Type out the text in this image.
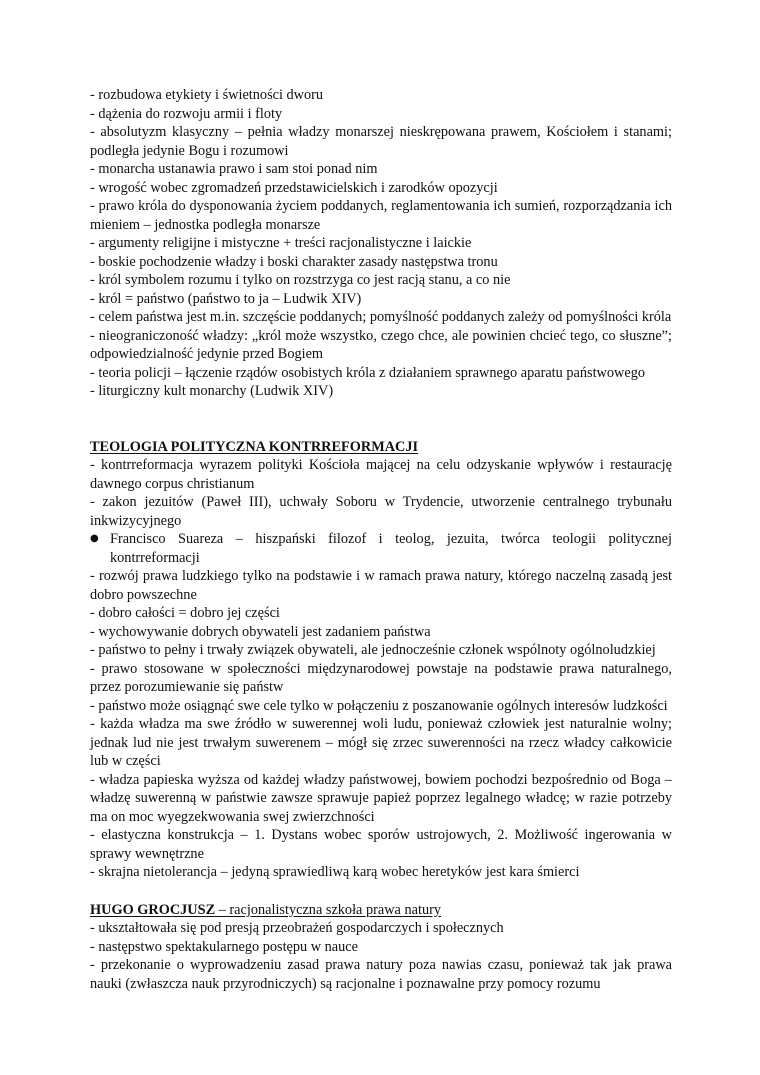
- rozbudowa etykiety i świetności dworu

- dążenia do rozwoju armii i floty

- absolutyzm klasyczny – pełnia władzy monarszej nieskrępowana prawem, Kościołem i stanami; podległa jedynie Bogu i rozumowi

- monarcha ustanawia prawo i sam stoi ponad nim

- wrogość wobec zgromadzeń przedstawicielskich i zarodków opozycji

- prawo króla do dysponowania życiem poddanych, reglamentowania ich sumień, rozporządzania ich mieniem – jednostka podległa monarsze

- argumenty religijne i mistyczne + treści racjonalistyczne i laickie

- boskie pochodzenie władzy i boski charakter zasady następstwa tronu

- król symbolem rozumu i tylko on rozstrzyga co jest racją stanu, a co nie

- król = państwo (państwo to ja – Ludwik XIV)

- celem państwa jest m.in. szczęście poddanych; pomyślność poddanych zależy od pomyślności króla

- nieograniczoność władzy: „król może wszystko, czego chce, ale powinien chcieć tego, co słuszne”; odpowiedzialność jedynie przed Bogiem

- teoria policji – łączenie rządów osobistych króla z działaniem sprawnego aparatu państwowego

- liturgiczny kult monarchy (Ludwik XIV)

TEOLOGIA POLITYCZNA KONTRREFORMACJI

- kontrreformacja wyrazem polityki Kościoła mającej na celu odzyskanie wpływów i restaurację dawnego corpus christianum

- zakon jezuitów (Paweł III), uchwały Soboru w Trydencie, utworzenie centralnego trybunału inkwizycyjnego

● Francisco Suareza – hiszpański filozof i teolog, jezuita, twórca teologii politycznej kontrreformacji

- rozwój prawa ludzkiego tylko na podstawie i w ramach prawa natury, którego naczelną zasadą jest dobro powszechne

- dobro całości = dobro jej części

- wychowywanie dobrych obywateli jest zadaniem państwa

- państwo to pełny i trwały związek obywateli, ale jednocześnie członek wspólnoty ogólnoludzkiej

- prawo stosowane w społeczności międzynarodowej powstaje na podstawie prawa naturalnego, przez porozumiewanie się państw

- państwo może osiągnąć swe cele tylko w połączeniu z poszanowanie ogólnych interesów ludzkości

- każda władza ma swe źródło w suwerennej woli ludu, ponieważ człowiek jest naturalnie wolny; jednak lud nie jest trwałym suwerenem – mógł się zrzec suwerenności na rzecz władcy całkowicie lub w części

- władza papieska wyższa od każdej władzy państwowej, bowiem pochodzi bezpośrednio od Boga – władzę suwerenną w państwie zawsze sprawuje papież poprzez legalnego władcę; w razie potrzeby ma on moc wyegzekwowania swej zwierzchności

- elastyczna konstrukcja – 1. Dystans wobec sporów ustrojowych, 2. Możliwość ingerowania w sprawy wewnętrzne

- skrajna nietolerancja – jedyną sprawiedliwą karą wobec heretyków jest kara śmierci

HUGO GROCJUSZ – racjonalistyczna szkoła prawa natury

- ukształtowała się pod presją przeobrażeń gospodarczych i społecznych

- następstwo spektakularnego postępu w nauce

- przekonanie o wyprowadzeniu zasad prawa natury poza nawias czasu, ponieważ tak jak prawa nauki (zwłaszcza nauk przyrodniczych) są racjonalne i poznawalne przy pomocy rozumu
